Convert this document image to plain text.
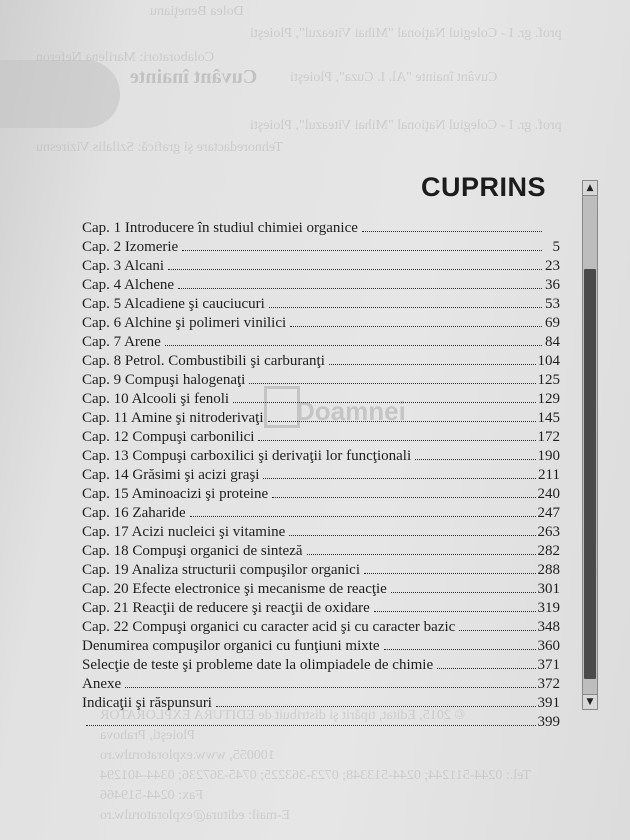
Dolea Beneţianu
prof. gr. I - Colegiul Naţional "Mihai Viteazul", Ploieşti
Colaboratori: Marilena Neferon
Cuvânt înainte Cuvânt înainte "Al. I. Cuza", Ploieşti
prof. gr. I - Colegiul Naţional "Mihai Viteazul", Ploieşti
Tehnoredactare şi grafică: Szilalis Viziresnu
© 2015, Editat, tipărit şi distribuit de EDITURA EXPLORATOR
Ploieşti, Prahova
100055, www.exploratorulw.ro
Tel.: 0244-511244; 0244-513348; 0723-363225; 0745-367236; 0344-401294
Fax: 0244-519466
E-mail: editura@exploratorulw.ro
Doamnei
CUPRINS
Cap. 1 Introducere în studiul chimiei organice
Cap. 2 Izomerie	5
Cap. 3 Alcani	23
Cap. 4 Alchene	36
Cap. 5 Alcadiene şi cauciucuri	53
Cap. 6 Alchine şi polimeri vinilici	69
Cap. 7 Arene	84
Cap. 8 Petrol. Combustibili şi carburanţi	104
Cap. 9 Compuşi halogenaţi	125
Cap. 10 Alcooli şi fenoli	129
Cap. 11 Amine şi nitroderivaţi	145
Cap. 12 Compuşi carbonilici	172
Cap. 13 Compuşi carboxilici şi derivaţii lor funcţionali	190
Cap. 14 Grăsimi şi acizi graşi	211
Cap. 15 Aminoacizi şi proteine	240
Cap. 16 Zaharide	247
Cap. 17 Acizi nucleici şi vitamine	263
Cap. 18 Compuşi organici de sinteză	282
Cap. 19 Analiza structurii compuşilor organici	288
Cap. 20 Efecte electronice şi mecanisme de reacţie	301
Cap. 21 Reacţii de reducere şi reacţii de oxidare	319
Cap. 22 Compuşi organici cu caracter acid şi cu caracter bazic	348
Denumirea compuşilor organici cu funţiuni mixte	360
Selecţie de teste şi probleme date la olimpiadele de chimie	371
Anexe	372
Indicaţii şi răspunsuri	391
399
▲
▼
